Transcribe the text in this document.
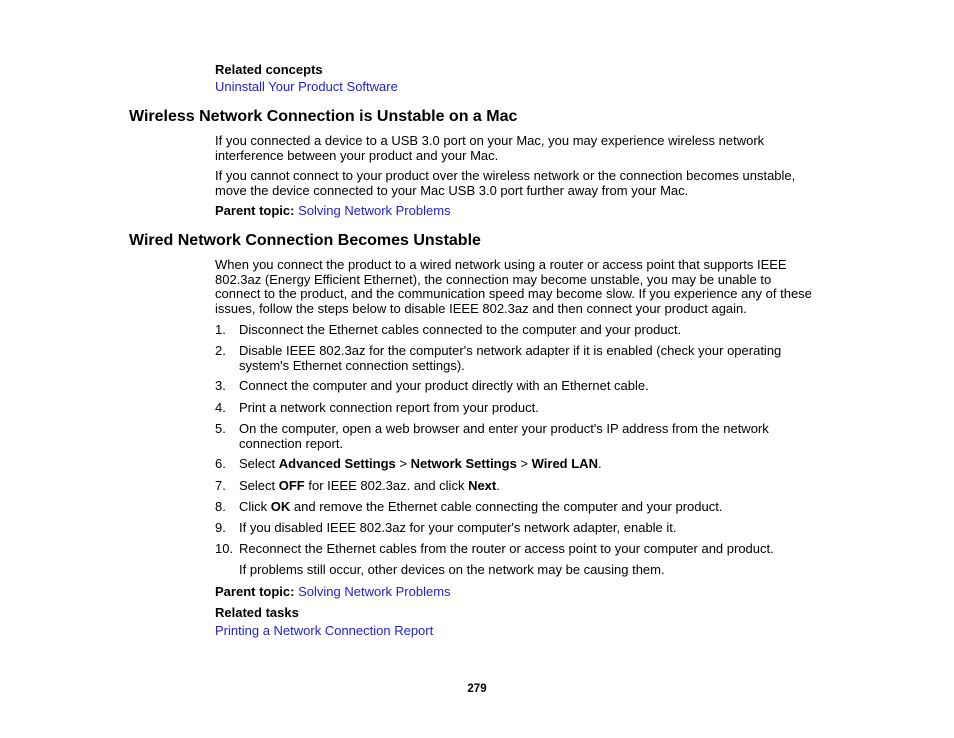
Related concepts
Uninstall Your Product Software
Wireless Network Connection is Unstable on a Mac
If you connected a device to a USB 3.0 port on your Mac, you may experience wireless network
interference between your product and your Mac.
If you cannot connect to your product over the wireless network or the connection becomes unstable,
move the device connected to your Mac USB 3.0 port further away from your Mac.
Parent topic: Solving Network Problems
Wired Network Connection Becomes Unstable
When you connect the product to a wired network using a router or access point that supports IEEE
802.3az (Energy Efficient Ethernet), the connection may become unstable, you may be unable to
connect to the product, and the communication speed may become slow. If you experience any of these
issues, follow the steps below to disable IEEE 802.3az and then connect your product again.
1.	Disconnect the Ethernet cables connected to the computer and your product.
2.	Disable IEEE 802.3az for the computer's network adapter if it is enabled (check your operating
system's Ethernet connection settings).
3.	Connect the computer and your product directly with an Ethernet cable.
4.	Print a network connection report from your product.
5.	On the computer, open a web browser and enter your product's IP address from the network
connection report.
6.	Select Advanced Settings > Network Settings > Wired LAN.
7.	Select OFF for IEEE 802.3az. and click Next.
8.	Click OK and remove the Ethernet cable connecting the computer and your product.
9.	If you disabled IEEE 802.3az for your computer's network adapter, enable it.
10. Reconnect the Ethernet cables from the router or access point to your computer and product.
If problems still occur, other devices on the network may be causing them.
Parent topic: Solving Network Problems
Related tasks
Printing a Network Connection Report
279
